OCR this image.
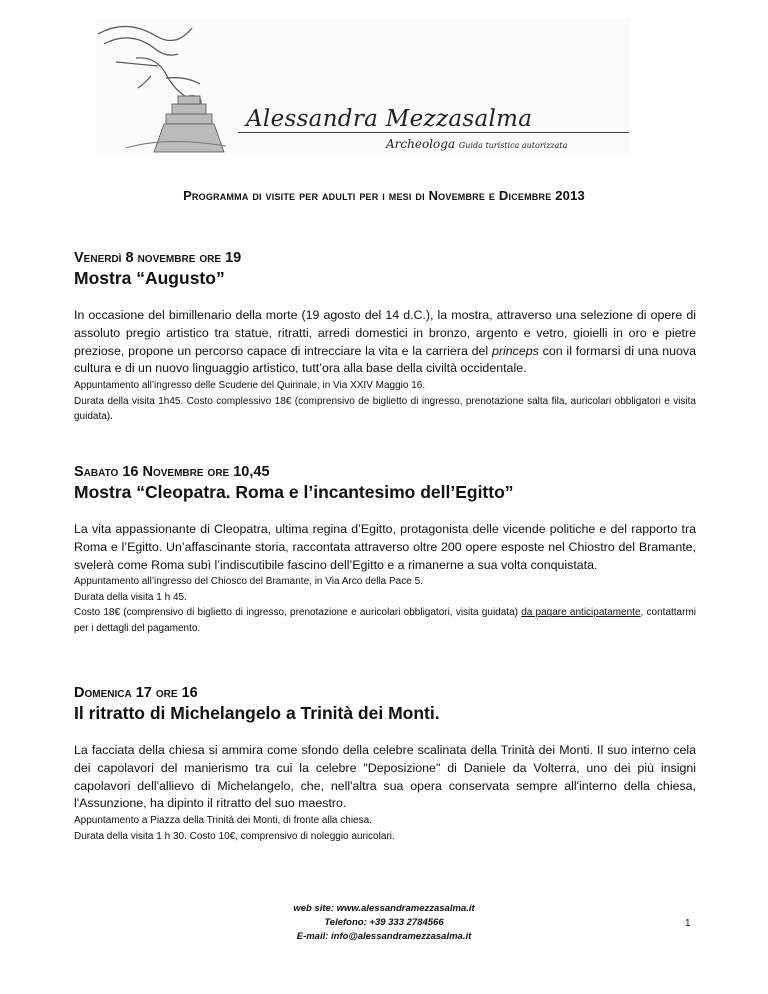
Alessandra Mezzasalma
Archeologa Guida turistica autorizzata
Programma di visite per adulti per i mesi di Novembre e Dicembre 2013

Venerdì 8 novembre ore 19

Mostra “Augusto”

In occasione del bimillenario della morte (19 agosto del 14 d.C.), la mostra, attraverso una selezione di opere di assoluto pregio artistico tra statue, ritratti, arredi domestici in bronzo, argento e vetro, gioielli in oro e pietre preziose, propone un percorso capace di intrecciare la vita e la carriera del princeps con il formarsi di una nuova cultura e di un nuovo linguaggio artistico, tutt’ora alla base della civiltà occidentale.

Appuntamento all’ingresso delle Scuderie del Quirinale, in Via XXIV Maggio 16.

Durata della visita 1h45. Costo complessivo 18€ (comprensivo de biglietto di ingresso, prenotazione salta fila, auricolari obbligatori e visita guidata).

Sabato 16 Novembre ore 10,45

Mostra “Cleopatra. Roma e l’incantesimo dell’Egitto”

La vita appassionante di Cleopatra, ultima regina d’Egitto, protagonista delle vicende politiche e del rapporto tra Roma e l’Egitto. Un’affascinante storia, raccontata attraverso oltre 200 opere esposte nel Chiostro del Bramante, svelerà come Roma subì l’indiscutibile fascino dell’Egitto e a rimanerne a sua volta conquistata.

Appuntamento all’ingresso del Chiosco del Bramante, in Via Arco della Pace 5.

Durata della visita 1 h 45.

Costo 18€ (comprensivo di biglietto di ingresso, prenotazione e auricolari obbligatori, visita guidata) da pagare anticipatamente, contattarmi per i dettagli del pagamento.

Domenica 17 ore 16

Il ritratto di Michelangelo a Trinità dei Monti.

La facciata della chiesa si ammira come sfondo della celebre scalinata della Trinità dei Monti. Il suo interno cela dei capolavori del manierismo tra cui la celebre "Deposizione" di Daniele da Volterra, uno dei più insigni capolavori dell'allievo di Michelangelo, che, nell'altra sua opera conservata sempre all'interno della chiesa, l'Assunzione, ha dipinto il ritratto del suo maestro.

Appuntamento a Piazza della Trinità dei Monti, di fronte alla chiesa.

Durata della visita 1 h 30. Costo 10€, comprensivo di noleggio auricolari.

web site: www.alessandramezzasalma.it
Telefono: +39 333 2784566
E-mail: info@alessandramezzasalma.it
1
